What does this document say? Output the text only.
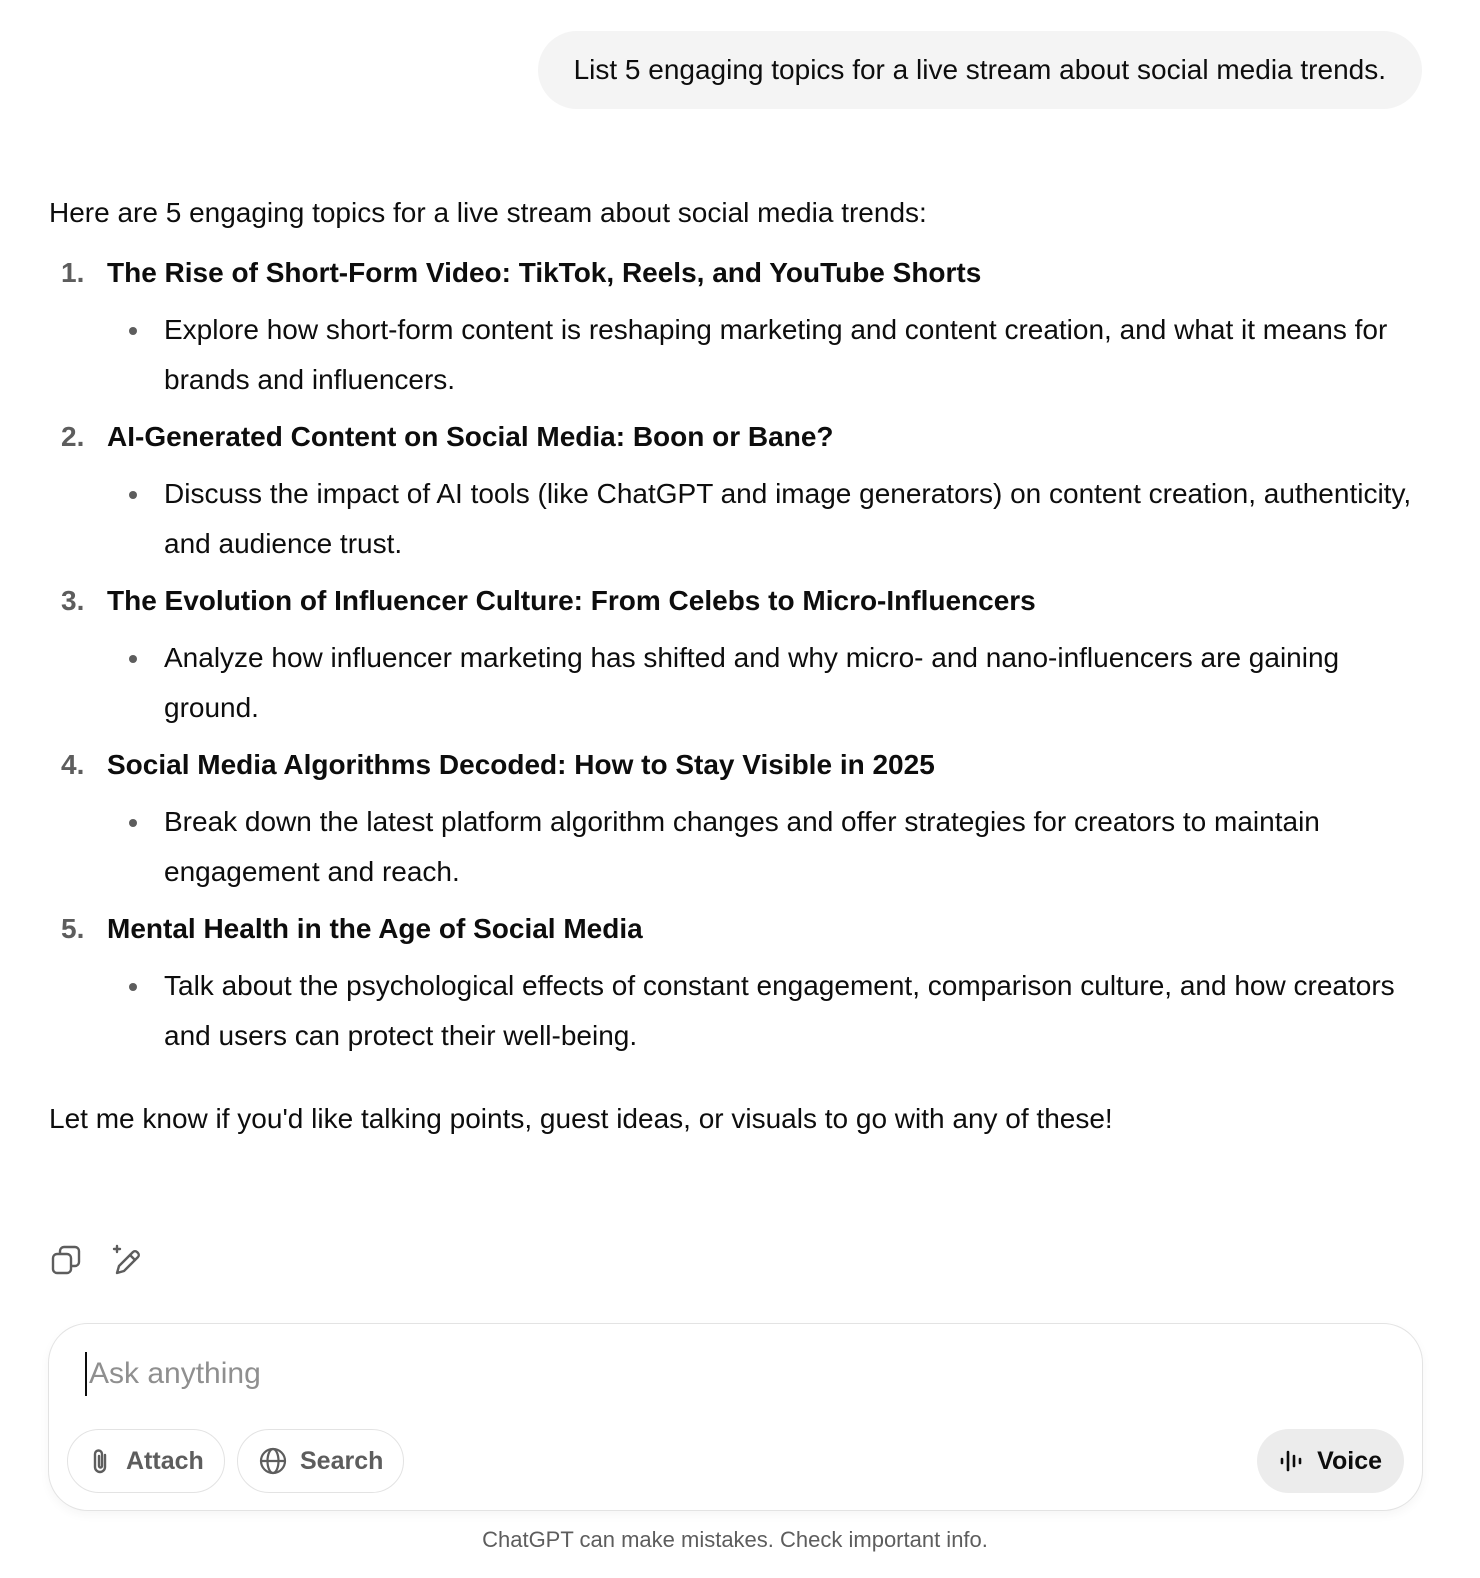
List 5 engaging topics for a live stream about social media trends.

Here are 5 engaging topics for a live stream about social media trends:

1. The Rise of Short-Form Video: TikTok, Reels, and YouTube Shorts
Explore how short-form content is reshaping marketing and content creation, and what it means for brands and influencers.
2. AI-Generated Content on Social Media: Boon or Bane?
Discuss the impact of AI tools (like ChatGPT and image generators) on content creation, authenticity, and audience trust.
3. The Evolution of Influencer Culture: From Celebs to Micro-Influencers
Analyze how influencer marketing has shifted and why micro- and nano-influencers are gaining ground.
4. Social Media Algorithms Decoded: How to Stay Visible in 2025
Break down the latest platform algorithm changes and offer strategies for creators to maintain engagement and reach.
5. Mental Health in the Age of Social Media
Talk about the psychological effects of constant engagement, comparison culture, and how creators and users can protect their well-being.

Let me know if you'd like talking points, guest ideas, or visuals to go with any of these!

Ask anything
Attach	Search	Voice
ChatGPT can make mistakes. Check important info.
